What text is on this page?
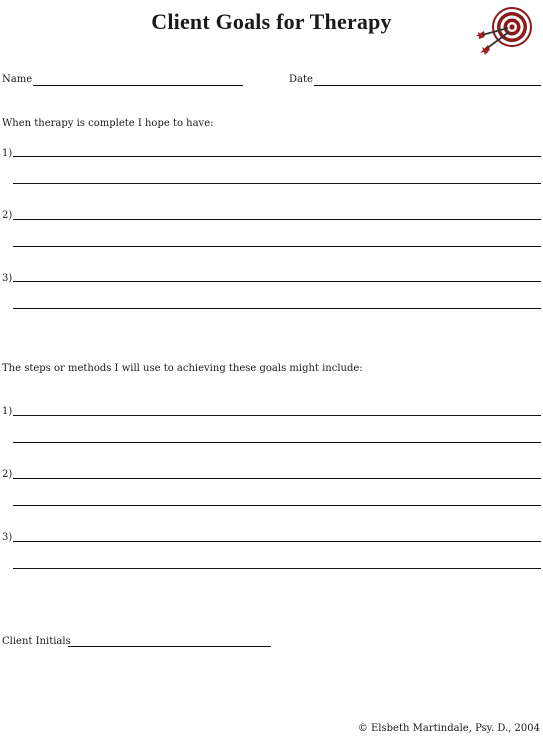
Client Goals for Therapy
Name	Date
When therapy is complete I hope to have:
1)
2)
3)
The steps or methods I will use to achieving these goals might include:
1)
2)
3)
Client Initials
© Elsbeth Martindale, Psy. D., 2004
